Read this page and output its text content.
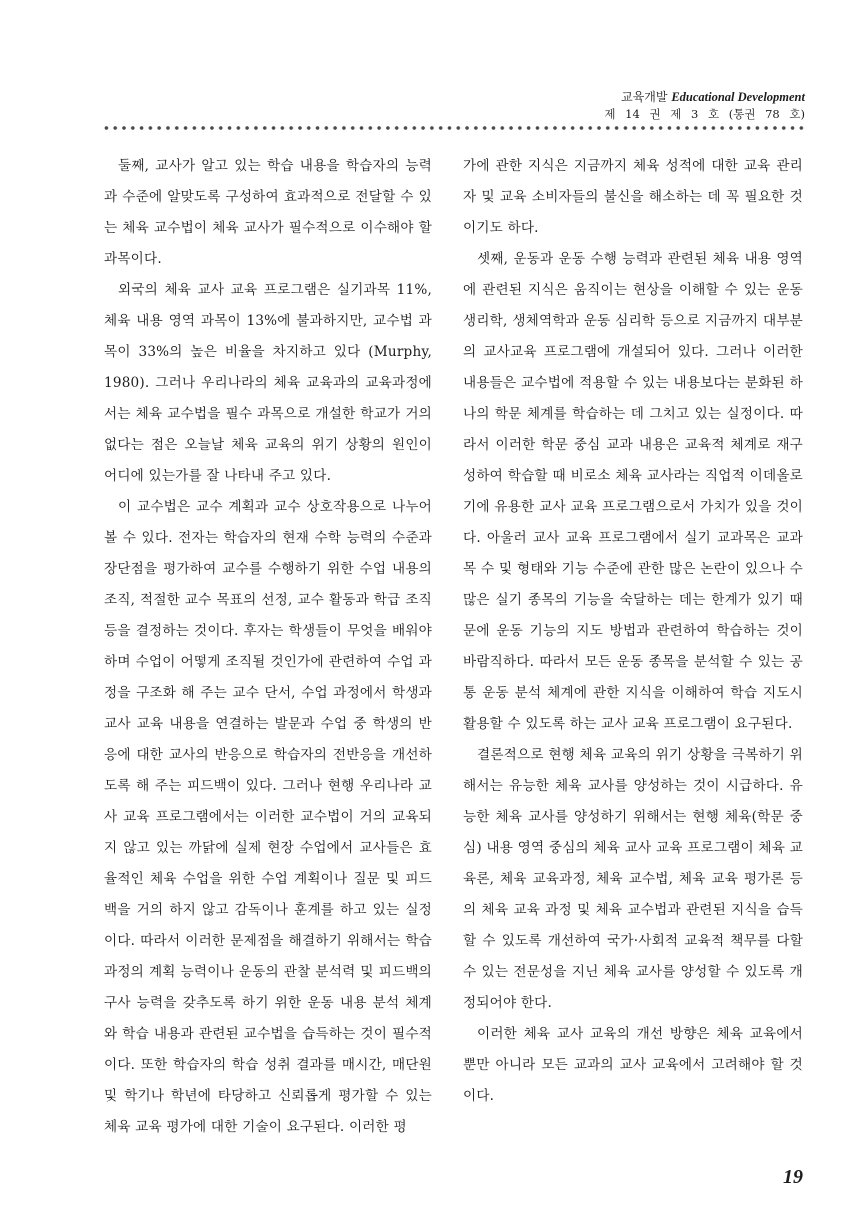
교육개발 Educational Development
제 14 권 제 3 호 (통권 78 호)

둘째, 교사가 알고 있는 학습 내용을 학습자의 능력과 수준에 알맞도록 구성하여 효과적으로 전달할 수 있는 체육 교수법이 체육 교사가 필수적으로 이수해야 할 과목이다.

외국의 체육 교사 교육 프로그램은 실기과목 11%, 체육 내용 영역 과목이 13%에 불과하지만, 교수법 과목이 33%의 높은 비율을 차지하고 있다 (Murphy, 1980). 그러나 우리나라의 체육 교육과의 교육과정에서는 체육 교수법을 필수 과목으로 개설한 학교가 거의 없다는 점은 오늘날 체육 교육의 위기 상황의 원인이 어디에 있는가를 잘 나타내 주고 있다.

이 교수법은 교수 계획과 교수 상호작용으로 나누어 볼 수 있다. 전자는 학습자의 현재 수학 능력의 수준과 장단점을 평가하여 교수를 수행하기 위한 수업 내용의 조직, 적절한 교수 목표의 선정, 교수 활동과 학급 조직 등을 결정하는 것이다. 후자는 학생들이 무엇을 배워야 하며 수업이 어떻게 조직될 것인가에 관련하여 수업 과정을 구조화 해 주는 교수 단서, 수업 과정에서 학생과 교사 교육 내용을 연결하는 발문과 수업 중 학생의 반응에 대한 교사의 반응으로 학습자의 전반응을 개선하도록 해 주는 피드백이 있다. 그러나 현행 우리나라 교사 교육 프로그램에서는 이러한 교수법이 거의 교육되지 않고 있는 까닭에 실제 현장 수업에서 교사들은 효율적인 체육 수업을 위한 수업 계획이나 질문 및 피드백을 거의 하지 않고 감독이나 훈계를 하고 있는 실정이다. 따라서 이러한 문제점을 해결하기 위해서는 학습 과정의 계획 능력이나 운동의 관찰 분석력 및 피드백의 구사 능력을 갖추도록 하기 위한 운동 내용 분석 체계와 학습 내용과 관련된 교수법을 습득하는 것이 필수적이다. 또한 학습자의 학습 성취 결과를 매시간, 매단원 및 학기나 학년에 타당하고 신뢰롭게 평가할 수 있는 체육 교육 평가에 대한 기술이 요구된다. 이러한 평

가에 관한 지식은 지금까지 체육 성적에 대한 교육 관리자 및 교육 소비자들의 불신을 해소하는 데 꼭 필요한 것이기도 하다.

셋째, 운동과 운동 수행 능력과 관련된 체육 내용 영역에 관련된 지식은 움직이는 현상을 이해할 수 있는 운동 생리학, 생체역학과 운동 심리학 등으로 지금까지 대부분의 교사교육 프로그램에 개설되어 있다. 그러나 이러한 내용들은 교수법에 적용할 수 있는 내용보다는 분화된 하나의 학문 체계를 학습하는 데 그치고 있는 실정이다. 따라서 이러한 학문 중심 교과 내용은 교육적 체계로 재구성하여 학습할 때 비로소 체육 교사라는 직업적 이데올로기에 유용한 교사 교육 프로그램으로서 가치가 있을 것이다. 아울러 교사 교육 프로그램에서 실기 교과목은 교과목 수 및 형태와 기능 수준에 관한 많은 논란이 있으나 수많은 실기 종목의 기능을 숙달하는 데는 한계가 있기 때문에 운동 기능의 지도 방법과 관련하여 학습하는 것이 바람직하다. 따라서 모든 운동 종목을 분석할 수 있는 공통 운동 분석 체계에 관한 지식을 이해하여 학습 지도시 활용할 수 있도록 하는 교사 교육 프로그램이 요구된다.

결론적으로 현행 체육 교육의 위기 상황을 극복하기 위해서는 유능한 체육 교사를 양성하는 것이 시급하다. 유능한 체육 교사를 양성하기 위해서는 현행 체육(학문 중심) 내용 영역 중심의 체육 교사 교육 프로그램이 체육 교육론, 체육 교육과정, 체육 교수법, 체육 교육 평가론 등의 체육 교육 과정 및 체육 교수법과 관련된 지식을 습득할 수 있도록 개선하여 국가·사회적 교육적 책무를 다할 수 있는 전문성을 지닌 체육 교사를 양성할 수 있도록 개정되어야 한다.

이러한 체육 교사 교육의 개선 방향은 체육 교육에서 뿐만 아니라 모든 교과의 교사 교육에서 고려해야 할 것이다.

19
